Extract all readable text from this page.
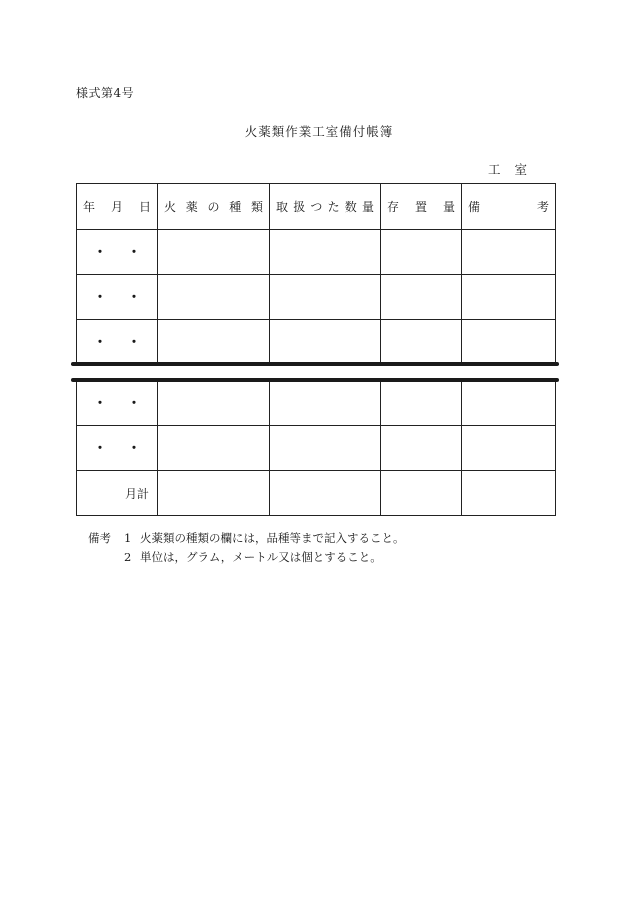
様式第4号
火薬類作業工室備付帳簿
工室
年 月 日 火 薬 の 種 類 取 扱 つ た 数 量 存 置 量 備	考
・ ・
・ ・
・ ・
・ ・
・ ・
月計
備考	1 火薬類の種類の欄には，品種等まで記入すること。
2 単位は，グラム，メートル又は個とすること。
